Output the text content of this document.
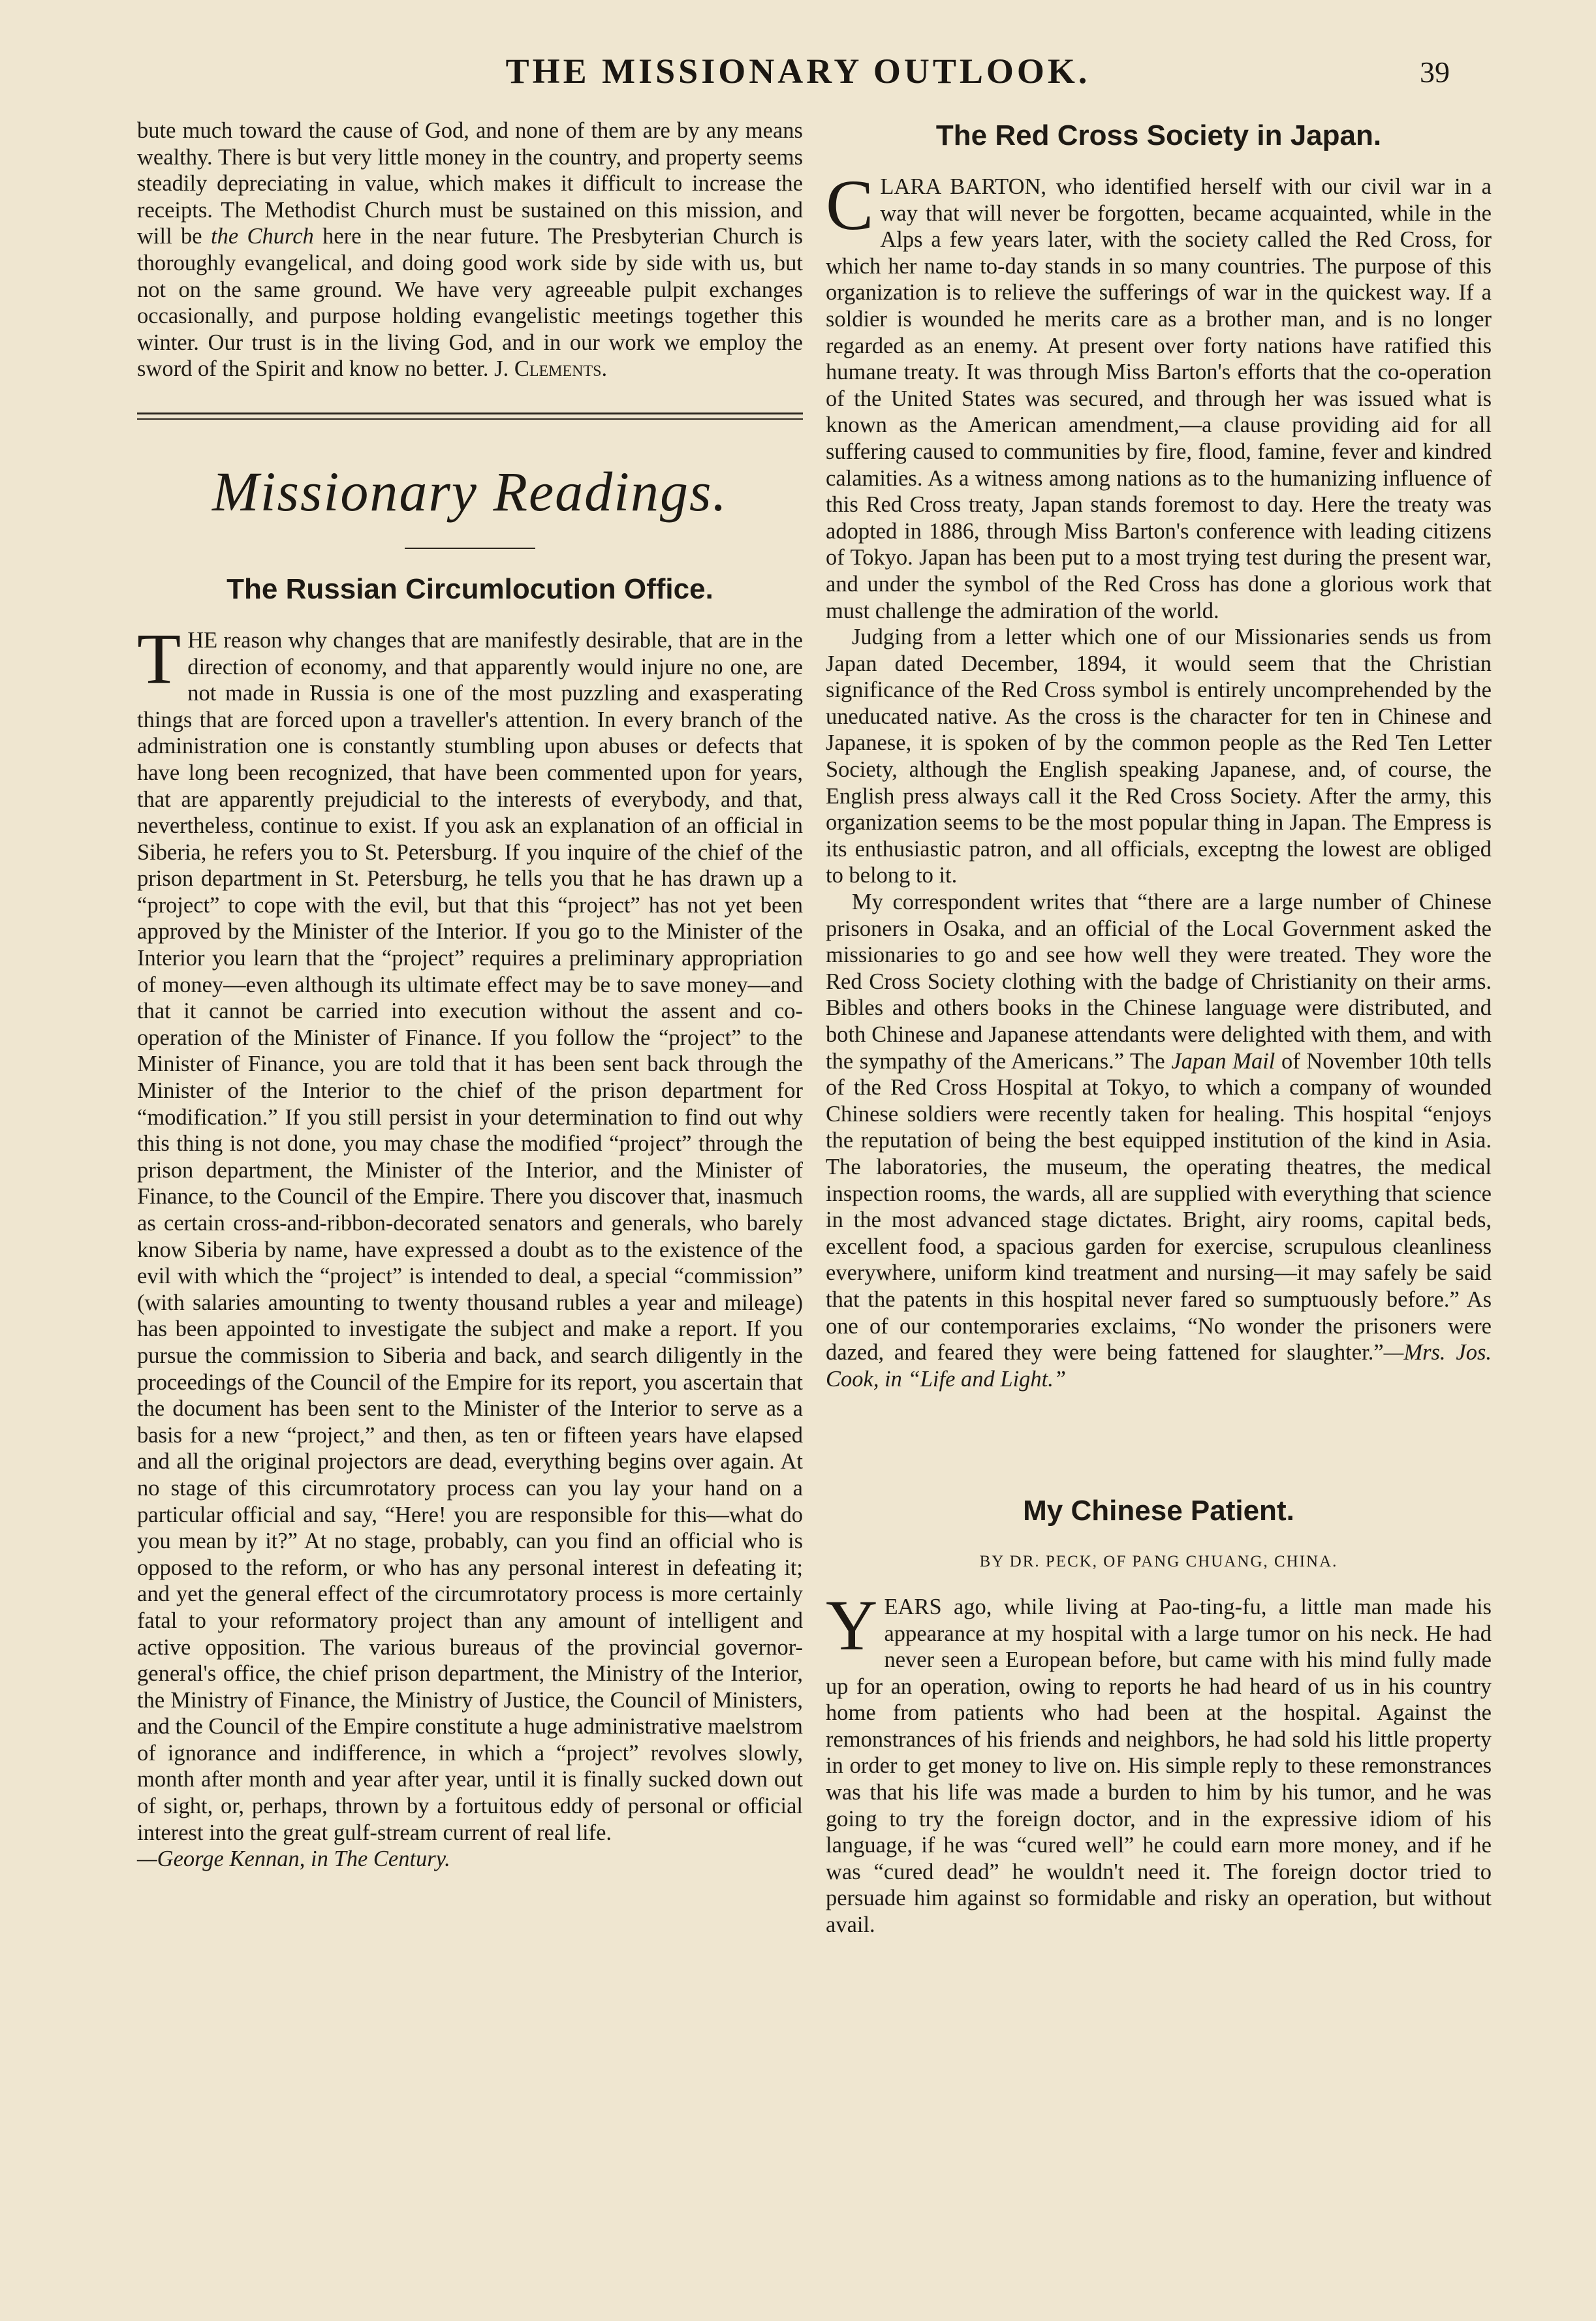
THE MISSIONARY OUTLOOK.	39

bute much toward the cause of God, and none of them are by any means wealthy. There is but very little money in the country, and property seems steadily depreciating in value, which makes it difficult to increase the receipts. The Methodist Church must be sustained on this mission, and will be the Church here in the near future. The Presbyterian Church is thoroughly evangelical, and doing good work side by side with us, but not on the same ground. We have very agreeable pulpit exchanges occasionally, and purpose holding evangelistic meetings together this winter. Our trust is in the living God, and in our work we employ the sword of the Spirit and know no better. J. Clements.

Missionary Readings.
The Russian Circumlocution Office.

THE reason why changes that are manifestly desirable, that are in the direction of economy, and that apparently would injure no one, are not made in Russia is one of the most puzzling and exasperating things that are forced upon a traveller's attention. In every branch of the administration one is constantly stumbling upon abuses or defects that have long been recognized, that have been commented upon for years, that are apparently prejudicial to the interests of everybody, and that, nevertheless, continue to exist. If you ask an explanation of an official in Siberia, he refers you to St. Petersburg. If you inquire of the chief of the prison department in St. Petersburg, he tells you that he has drawn up a “project” to cope with the evil, but that this “project” has not yet been approved by the Minister of the Interior. If you go to the Minister of the Interior you learn that the “project” requires a preliminary appropriation of money—even although its ultimate effect may be to save money—and that it cannot be carried into execution without the assent and co-operation of the Minister of Finance. If you follow the “project” to the Minister of Finance, you are told that it has been sent back through the Minister of the Interior to the chief of the prison department for “modification.” If you still persist in your determination to find out why this thing is not done, you may chase the modified “project” through the prison department, the Minister of the Interior, and the Minister of Finance, to the Council of the Empire. There you discover that, inasmuch as certain cross-and-ribbon-decorated senators and generals, who barely know Siberia by name, have expressed a doubt as to the existence of the evil with which the “project” is intended to deal, a special “commission” (with salaries amounting to twenty thousand rubles a year and mileage) has been appointed to investigate the subject and make a report. If you pursue the commission to Siberia and back, and search diligently in the proceedings of the Council of the Empire for its report, you ascertain that the document has been sent to the Minister of the Interior to serve as a basis for a new “project,” and then, as ten or fifteen years have elapsed and all the original projectors are dead, everything begins over again. At no stage of this circumrotatory process can you lay your hand on a particular official and say, “Here! you are responsible for this—what do you mean by it?” At no stage, probably, can you find an official who is opposed to the reform, or who has any personal interest in defeating it; and yet the general effect of the circumrotatory process is more certainly fatal to your reformatory project than any amount of intelligent and active opposition. The various bureaus of the provincial governor-general's office, the chief prison department, the Ministry of the Interior, the Ministry of Finance, the Ministry of Justice, the Council of Ministers, and the Council of the Empire constitute a huge administrative maelstrom of ignorance and indifference, in which a “project” revolves slowly, month after month and year after year, until it is finally sucked down out of sight, or, perhaps, thrown by a fortuitous eddy of personal or official interest into the great gulf-stream current of real life.

—George Kennan, in The Century.

The Red Cross Society in Japan.

CLARA BARTON, who identified herself with our civil war in a way that will never be forgotten, became acquainted, while in the Alps a few years later, with the society called the Red Cross, for which her name to-day stands in so many countries. The purpose of this organization is to relieve the sufferings of war in the quickest way. If a soldier is wounded he merits care as a brother man, and is no longer regarded as an enemy. At present over forty nations have ratified this humane treaty. It was through Miss Barton's efforts that the co-operation of the United States was secured, and through her was issued what is known as the American amendment,—a clause providing aid for all suffering caused to communities by fire, flood, famine, fever and kindred calamities. As a witness among nations as to the humanizing influence of this Red Cross treaty, Japan stands foremost to day. Here the treaty was adopted in 1886, through Miss Barton's conference with leading citizens of Tokyo. Japan has been put to a most trying test during the present war, and under the symbol of the Red Cross has done a glorious work that must challenge the admiration of the world.

Judging from a letter which one of our Missionaries sends us from Japan dated December, 1894, it would seem that the Christian significance of the Red Cross symbol is entirely uncomprehended by the uneducated native. As the cross is the character for ten in Chinese and Japanese, it is spoken of by the common people as the Red Ten Letter Society, although the English speaking Japanese, and, of course, the English press always call it the Red Cross Society. After the army, this organization seems to be the most popular thing in Japan. The Empress is its enthusiastic patron, and all officials, exceptng the lowest are obliged to belong to it.

My correspondent writes that “there are a large number of Chinese prisoners in Osaka, and an official of the Local Government asked the missionaries to go and see how well they were treated. They wore the Red Cross Society clothing with the badge of Christianity on their arms. Bibles and others books in the Chinese language were distributed, and both Chinese and Japanese attendants were delighted with them, and with the sympathy of the Americans.” The Japan Mail of November 10th tells of the Red Cross Hospital at Tokyo, to which a company of wounded Chinese soldiers were recently taken for healing. This hospital “enjoys the reputation of being the best equipped institution of the kind in Asia. The laboratories, the museum, the operating theatres, the medical inspection rooms, the wards, all are supplied with everything that science in the most advanced stage dictates. Bright, airy rooms, capital beds, excellent food, a spacious garden for exercise, scrupulous cleanliness everywhere, uniform kind treatment and nursing—it may safely be said that the patents in this hospital never fared so sumptuously before.” As one of our contemporaries exclaims, “No wonder the prisoners were dazed, and feared they were being fattened for slaughter.”—Mrs. Jos. Cook, in “Life and Light.”

My Chinese Patient.
BY DR. PECK, OF PANG CHUANG, CHINA.

YEARS ago, while living at Pao-ting-fu, a little man made his appearance at my hospital with a large tumor on his neck. He had never seen a European before, but came with his mind fully made up for an operation, owing to reports he had heard of us in his country home from patients who had been at the hospital. Against the remonstrances of his friends and neighbors, he had sold his little property in order to get money to live on. His simple reply to these remonstrances was that his life was made a burden to him by his tumor, and he was going to try the foreign doctor, and in the expressive idiom of his language, if he was “cured well” he could earn more money, and if he was “cured dead” he wouldn't need it. The foreign doctor tried to persuade him against so formidable and risky an operation, but without avail.
